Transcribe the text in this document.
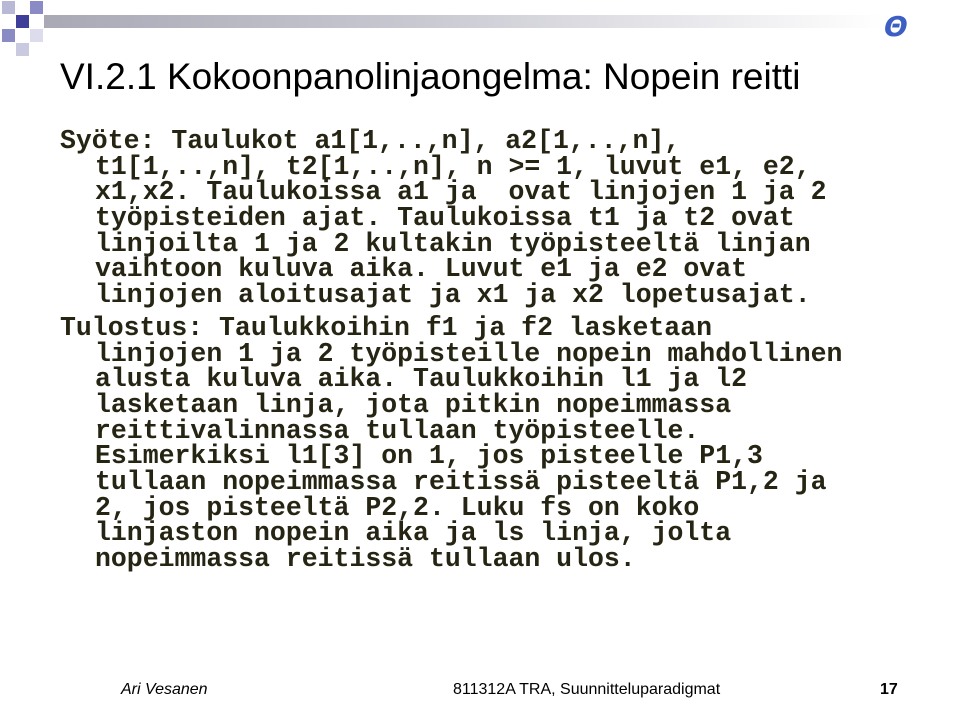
Θ
VI.2.1 Kokoonpanolinjaongelma: Nopein reitti
Syöte: Taulukot a1[1,..,n], a2[1,..,n],
t1[1,..,n], t2[1,..,n], n >= 1, luvut e1, e2,
x1,x2. Taulukoissa a1 ja  ovat linjojen 1 ja 2
työpisteiden ajat. Taulukoissa t1 ja t2 ovat
linjoilta 1 ja 2 kultakin työpisteeltä linjan
vaihtoon kuluva aika. Luvut e1 ja e2 ovat
linjojen aloitusajat ja x1 ja x2 lopetusajat.
Tulostus: Taulukkoihin f1 ja f2 lasketaan
linjojen 1 ja 2 työpisteille nopein mahdollinen
alusta kuluva aika. Taulukkoihin l1 ja l2
lasketaan linja, jota pitkin nopeimmassa
reittivalinnassa tullaan työpisteelle.
Esimerkiksi l1[3] on 1, jos pisteelle P1,3
tullaan nopeimmassa reitissä pisteeltä P1,2 ja
2, jos pisteeltä P2,2. Luku fs on koko
linjaston nopein aika ja ls linja, jolta
nopeimmassa reitissä tullaan ulos.
Ari Vesanen	811312A TRA, Suunnitteluparadigmat	17
